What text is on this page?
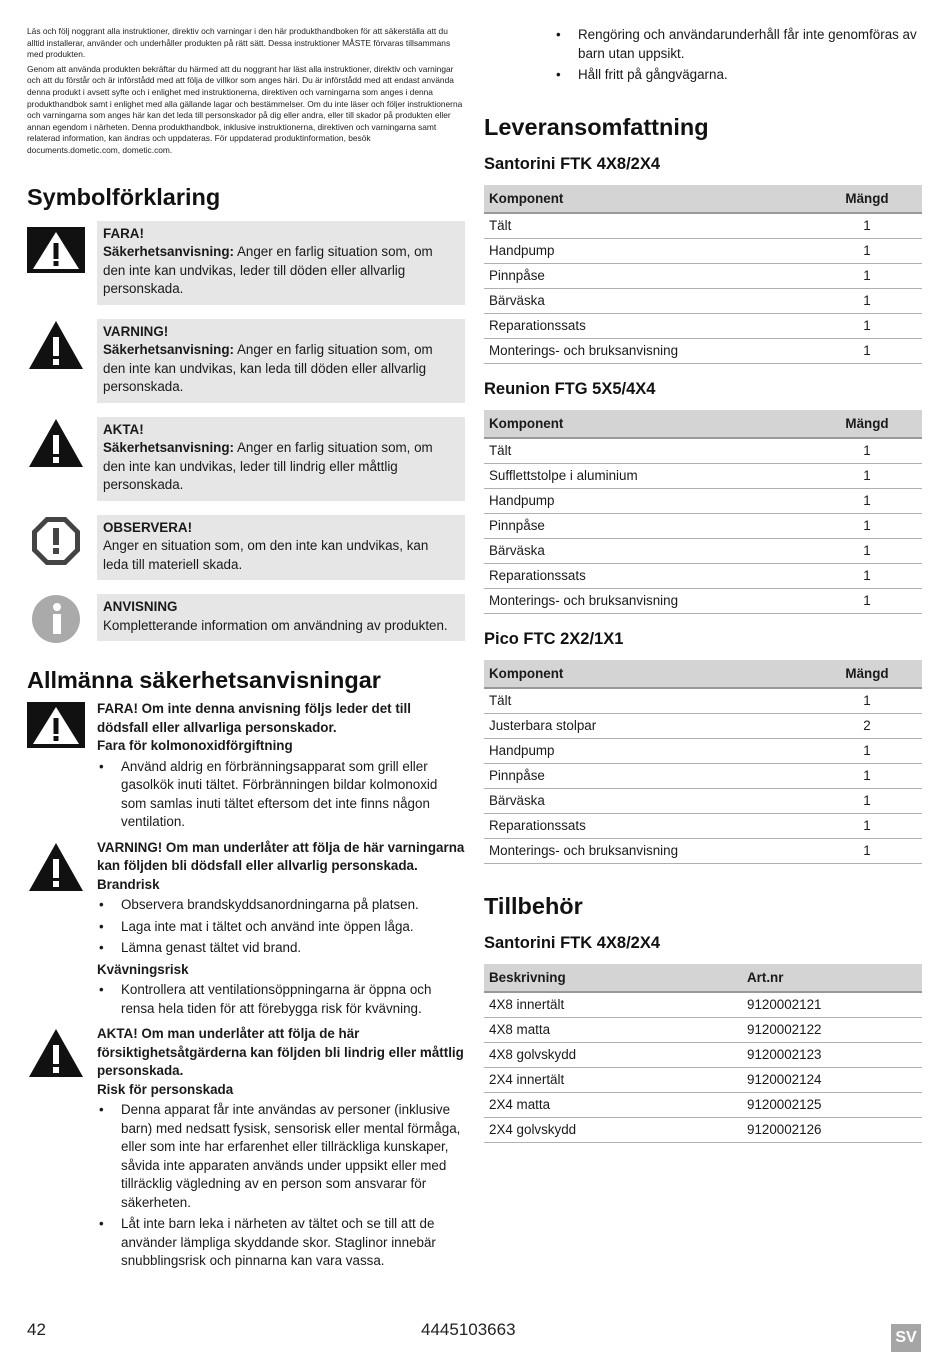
Läs och följ noggrant alla instruktioner, direktiv och varningar i den här produkthandboken för att säkerställa att du alltid installerar, använder och underhåller produkten på rätt sätt. Dessa instruktioner MÅSTE förvaras tillsammans med produkten.

Genom att använda produkten bekräftar du härmed att du noggrant har läst alla instruktioner, direktiv och varningar och att du förstår och är införstådd med att följa de villkor som anges häri. Du är införstådd med att endast använda denna produkt i avsett syfte och i enlighet med instruktionerna, direktiven och varningarna som anges i denna produkthandbok samt i enlighet med alla gällande lagar och bestämmelser. Om du inte läser och följer instruktionerna och varningarna som anges här kan det leda till personskador på dig eller andra, eller till skador på produkten eller annan egendom i närheten. Denna produkthandbok, inklusive instruktionerna, direktiven och varningarna samt relaterad information, kan ändras och uppdateras. För uppdaterad produktinformation, besök documents.dometic.com, dometic.com.

Symbolförklaring
FARA!
Säkerhetsanvisning: Anger en farlig situation som, om den inte kan undvikas, leder till döden eller allvarlig personskada.
VARNING!
Säkerhetsanvisning: Anger en farlig situation som, om den inte kan undvikas, kan leda till döden eller allvarlig personskada.
AKTA!
Säkerhetsanvisning: Anger en farlig situation som, om den inte kan undvikas, leder till lindrig eller måttlig personskada.
OBSERVERA!
Anger en situation som, om den inte kan undvikas, kan leda till materiell skada.
ANVISNING
Kompletterande information om användning av produkten.
Allmänna säkerhetsanvisningar
FARA! Om inte denna anvisning följs leder det till dödsfall eller allvarliga personskador.
Fara för kolmonoxidförgiftning
• Använd aldrig en förbränningsapparat som grill eller gasolkök inuti tältet. Förbränningen bildar kolmonoxid som samlas inuti tältet eftersom det inte finns någon ventilation.
VARNING! Om man underlåter att följa de här varningarna kan följden bli dödsfall eller allvarlig personskada.
Brandrisk
• Observera brandskyddsanordningarna på platsen.
• Laga inte mat i tältet och använd inte öppen låga.
• Lämna genast tältet vid brand.
Kvävningsrisk
• Kontrollera att ventilationsöppningarna är öppna och rensa hela tiden för att förebygga risk för kvävning.
AKTA! Om man underlåter att följa de här försiktighetsåtgärderna kan följden bli lindrig eller måttlig personskada.
Risk för personskada
• Denna apparat får inte användas av personer (inklusive barn) med nedsatt fysisk, sensorisk eller mental förmåga, eller som inte har erfarenhet eller tillräckliga kunskaper, såvida inte apparaten används under uppsikt eller med tillräcklig vägledning av en person som ansvarar för säkerheten.
• Låt inte barn leka i närheten av tältet och se till att de använder lämpliga skyddande skor. Staglinor innebär snubblingsrisk och pinnarna kan vara vassa.
• Rengöring och användarunderhåll får inte genomföras av barn utan uppsikt.
• Håll fritt på gångvägarna.
Leveransomfattning
Santorini FTK 4X8/2X4
Komponent	Mängd
Tält	1
Handpump	1
Pinnpåse	1
Bärväska	1
Reparationssats	1
Monterings- och bruksanvisning	1
Reunion FTG 5X5/4X4
Komponent	Mängd
Tält	1
Sufflettstolpe i aluminium	1
Handpump	1
Pinnpåse	1
Bärväska	1
Reparationssats	1
Monterings- och bruksanvisning	1
Pico FTC 2X2/1X1
Komponent	Mängd
Tält	1
Justerbara stolpar	2
Handpump	1
Pinnpåse	1
Bärväska	1
Reparationssats	1
Monterings- och bruksanvisning	1
Tillbehör
Santorini FTK 4X8/2X4
Beskrivning	Art.nr
4X8 innertält	9120002121
4X8 matta	9120002122
4X8 golvskydd	9120002123
2X4 innertält	9120002124
2X4 matta	9120002125
2X4 golvskydd	9120002126
42	4445103663	SV
